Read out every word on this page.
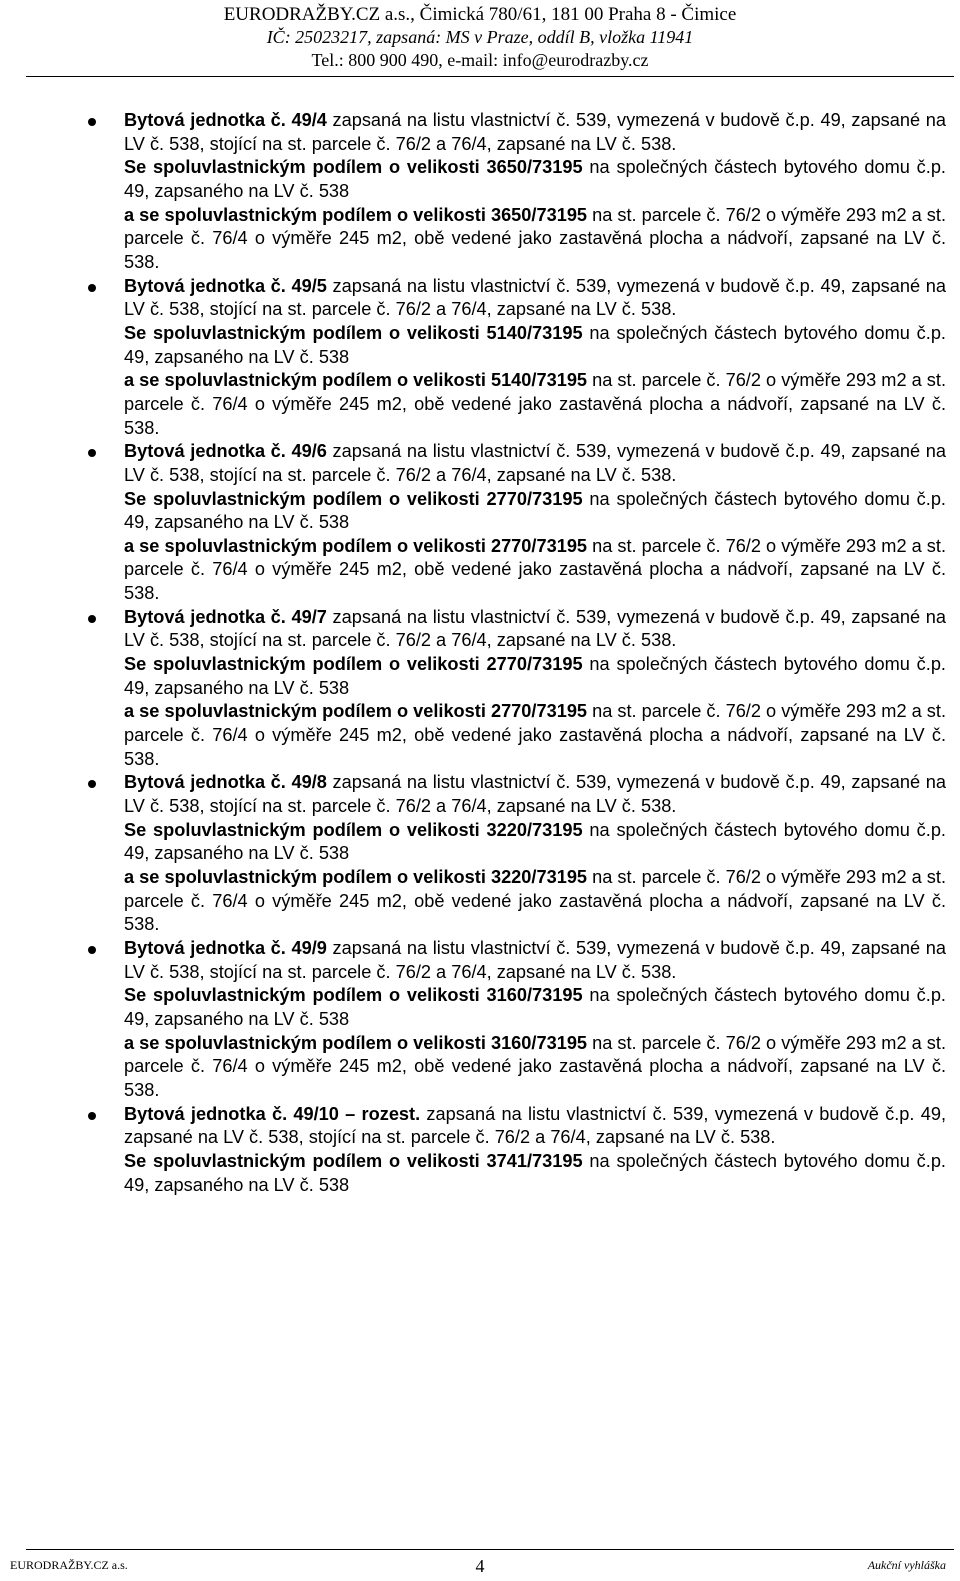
EURODRAŽBY.CZ a.s., Čimická 780/61, 181 00 Praha 8 - Čimice
IČ: 25023217, zapsaná: MS v Praze, oddíl B, vložka 11941
Tel.: 800 900 490, e-mail: info@eurodrazby.cz
Bytová jednotka č. 49/4 zapsaná na listu vlastnictví č. 539, vymezená v budově č.p. 49, zapsané na LV č. 538, stojící na st. parcele č. 76/2 a 76/4, zapsané na LV č. 538.
Se spoluvlastnickým podílem o velikosti 3650/73195 na společných částech bytového domu č.p. 49, zapsaného na LV č. 538
a se spoluvlastnickým podílem o velikosti 3650/73195 na st. parcele č. 76/2 o výměře 293 m2 a st. parcele č. 76/4 o výměře 245 m2, obě vedené jako zastavěná plocha a nádvoří, zapsané na LV č. 538.
Bytová jednotka č. 49/5 zapsaná na listu vlastnictví č. 539, vymezená v budově č.p. 49, zapsané na LV č. 538, stojící na st. parcele č. 76/2 a 76/4, zapsané na LV č. 538.
Se spoluvlastnickým podílem o velikosti 5140/73195 na společných částech bytového domu č.p. 49, zapsaného na LV č. 538
a se spoluvlastnickým podílem o velikosti 5140/73195 na st. parcele č. 76/2 o výměře 293 m2 a st. parcele č. 76/4 o výměře 245 m2, obě vedené jako zastavěná plocha a nádvoří, zapsané na LV č. 538.
Bytová jednotka č. 49/6 zapsaná na listu vlastnictví č. 539, vymezená v budově č.p. 49, zapsané na LV č. 538, stojící na st. parcele č. 76/2 a 76/4, zapsané na LV č. 538.
Se spoluvlastnickým podílem o velikosti 2770/73195 na společných částech bytového domu č.p. 49, zapsaného na LV č. 538
a se spoluvlastnickým podílem o velikosti 2770/73195 na st. parcele č. 76/2 o výměře 293 m2 a st. parcele č. 76/4 o výměře 245 m2, obě vedené jako zastavěná plocha a nádvoří, zapsané na LV č. 538.
Bytová jednotka č. 49/7 zapsaná na listu vlastnictví č. 539, vymezená v budově č.p. 49, zapsané na LV č. 538, stojící na st. parcele č. 76/2 a 76/4, zapsané na LV č. 538.
Se spoluvlastnickým podílem o velikosti 2770/73195 na společných částech bytového domu č.p. 49, zapsaného na LV č. 538
a se spoluvlastnickým podílem o velikosti 2770/73195 na st. parcele č. 76/2 o výměře 293 m2 a st. parcele č. 76/4 o výměře 245 m2, obě vedené jako zastavěná plocha a nádvoří, zapsané na LV č. 538.
Bytová jednotka č. 49/8 zapsaná na listu vlastnictví č. 539, vymezená v budově č.p. 49, zapsané na LV č. 538, stojící na st. parcele č. 76/2 a 76/4, zapsané na LV č. 538.
Se spoluvlastnickým podílem o velikosti 3220/73195 na společných částech bytového domu č.p. 49, zapsaného na LV č. 538
a se spoluvlastnickým podílem o velikosti 3220/73195 na st. parcele č. 76/2 o výměře 293 m2 a st. parcele č. 76/4 o výměře 245 m2, obě vedené jako zastavěná plocha a nádvoří, zapsané na LV č. 538.
Bytová jednotka č. 49/9 zapsaná na listu vlastnictví č. 539, vymezená v budově č.p. 49, zapsané na LV č. 538, stojící na st. parcele č. 76/2 a 76/4, zapsané na LV č. 538.
Se spoluvlastnickým podílem o velikosti 3160/73195 na společných částech bytového domu č.p. 49, zapsaného na LV č. 538
a se spoluvlastnickým podílem o velikosti 3160/73195 na st. parcele č. 76/2 o výměře 293 m2 a st. parcele č. 76/4 o výměře 245 m2, obě vedené jako zastavěná plocha a nádvoří, zapsané na LV č. 538.
Bytová jednotka č. 49/10 – rozest. zapsaná na listu vlastnictví č. 539, vymezená v budově č.p. 49, zapsané na LV č. 538, stojící na st. parcele č. 76/2 a 76/4, zapsané na LV č. 538.
Se spoluvlastnickým podílem o velikosti 3741/73195 na společných částech bytového domu č.p. 49, zapsaného na LV č. 538
EURODRAŽBY.CZ a.s.	4	Aukční vyhláška
